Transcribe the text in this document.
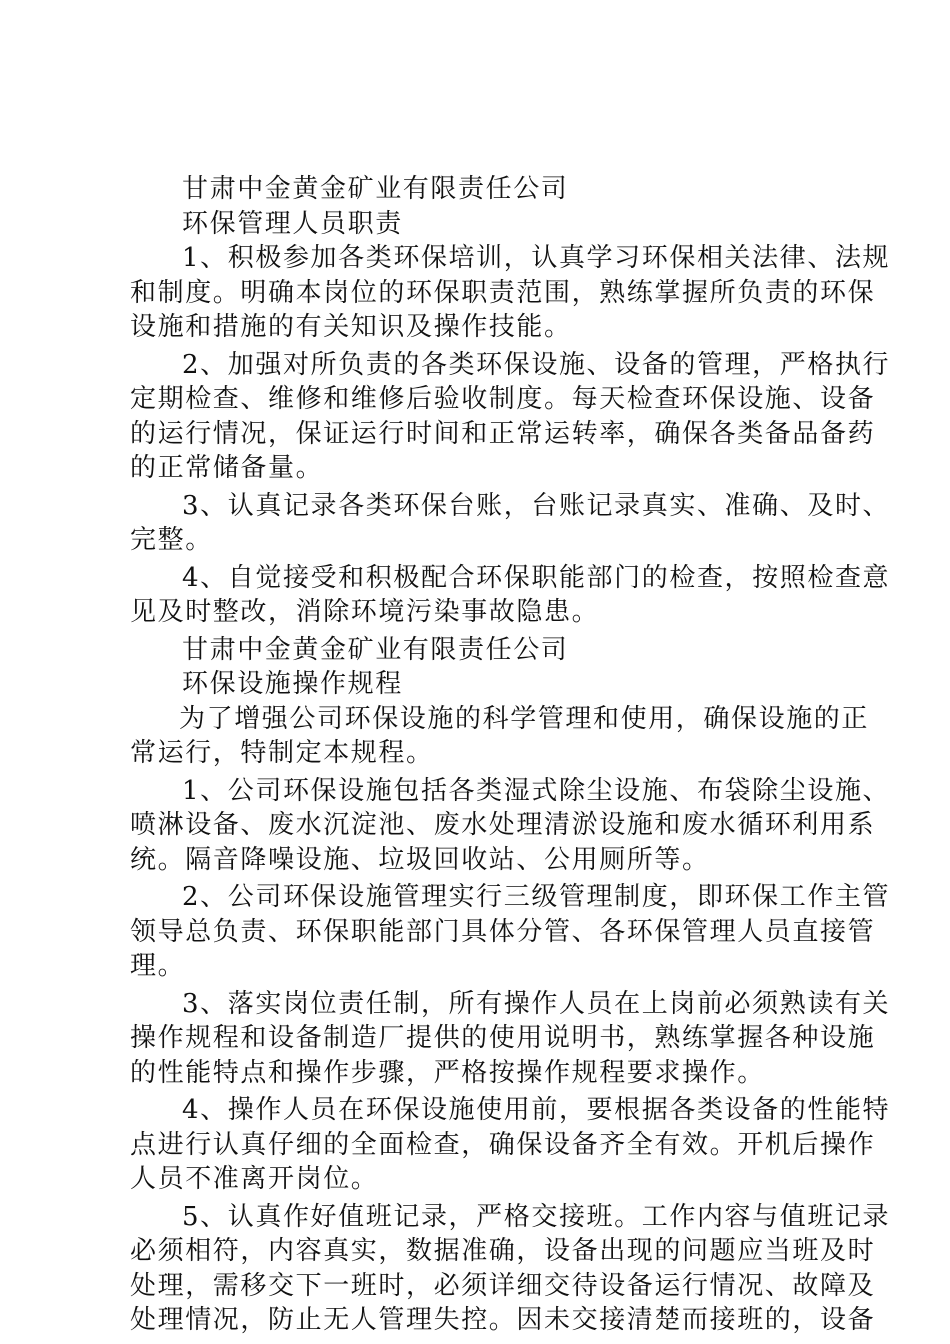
甘肃中金黄金矿业有限责任公司

环保管理人员职责

1、积极参加各类环保培训，认真学习环保相关法律、法规

和制度。明确本岗位的环保职责范围，熟练掌握所负责的环保

设施和措施的有关知识及操作技能。

2、加强对所负责的各类环保设施、设备的管理，严格执行

定期检查、维修和维修后验收制度。每天检查环保设施、设备

的运行情况，保证运行时间和正常运转率，确保各类备品备药

的正常储备量。

3、认真记录各类环保台账，台账记录真实、准确、及时、

完整。

4、自觉接受和积极配合环保职能部门的检查，按照检查意

见及时整改，消除环境污染事故隐患。

甘肃中金黄金矿业有限责任公司

环保设施操作规程

为了增强公司环保设施的科学管理和使用，确保设施的正

常运行，特制定本规程。

1、公司环保设施包括各类湿式除尘设施、布袋除尘设施、

喷淋设备、废水沉淀池、废水处理清淤设施和废水循环利用系

统。隔音降噪设施、垃圾回收站、公用厕所等。

2、公司环保设施管理实行三级管理制度，即环保工作主管

领导总负责、环保职能部门具体分管、各环保管理人员直接管

理。

3、落实岗位责任制，所有操作人员在上岗前必须熟读有关

操作规程和设备制造厂提供的使用说明书，熟练掌握各种设施

的性能特点和操作步骤，严格按操作规程要求操作。

4、操作人员在环保设施使用前，要根据各类设备的性能特

点进行认真仔细的全面检查，确保设备齐全有效。开机后操作

人员不准离开岗位。

5、认真作好值班记录，严格交接班。工作内容与值班记录

必须相符，内容真实，数据准确，设备出现的问题应当班及时

处理，需移交下一班时，必须详细交待设备运行情况、故障及

处理情况，防止无人管理失控。因未交接清楚而接班的，设备
